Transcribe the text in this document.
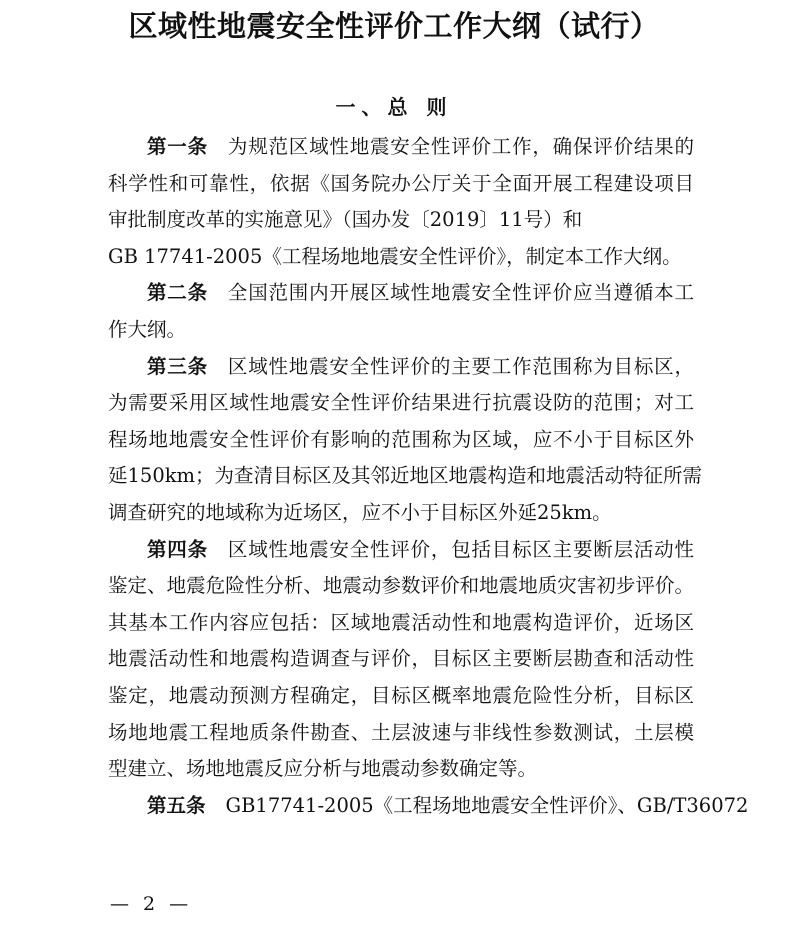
区域性地震安全性评价工作大纲（试行）
一、总 则
第一条 为规范区域性地震安全性评价工作，确保评价结果的
科学性和可靠性，依据《国务院办公厅关于全面开展工程建设项目
审批制度改革的实施意见》（国办发〔2019〕11号）和
GB 17741-2005《工程场地地震安全性评价》，制定本工作大纲。
第二条 全国范围内开展区域性地震安全性评价应当遵循本工
作大纲。
第三条 区域性地震安全性评价的主要工作范围称为目标区，
为需要采用区域性地震安全性评价结果进行抗震设防的范围；对工
程场地地震安全性评价有影响的范围称为区域，应不小于目标区外
延150km；为查清目标区及其邻近地区地震构造和地震活动特征所需
调查研究的地域称为近场区，应不小于目标区外延25km。
第四条 区域性地震安全性评价，包括目标区主要断层活动性
鉴定、地震危险性分析、地震动参数评价和地震地质灾害初步评价。
其基本工作内容应包括：区域地震活动性和地震构造评价，近场区
地震活动性和地震构造调查与评价，目标区主要断层勘查和活动性
鉴定，地震动预测方程确定，目标区概率地震危险性分析，目标区
场地地震工程地质条件勘查、土层波速与非线性参数测试，土层模
型建立、场地地震反应分析与地震动参数确定等。
第五条 GB17741-2005《工程场地地震安全性评价》、GB/T36072
— 2 —
